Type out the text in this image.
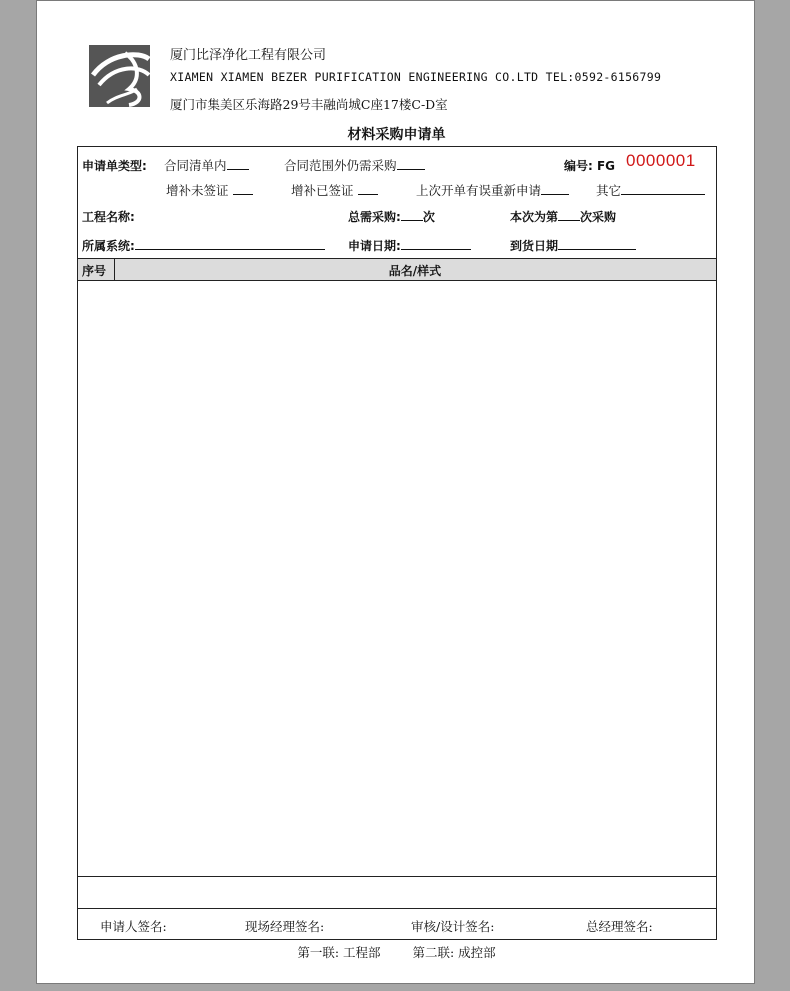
厦门比泽净化工程有限公司
XIAMEN XIAMEN BEZER PURIFICATION ENGINEERING CO.LTD TEL:0592-6156799
厦门市集美区乐海路29号丰融尚城C座17楼C-D室
材料采购申请单
申请单类型: 合同清单内	合同范围外仍需采购	编号: FG 0000001
增补未签证	增补已签证	上次开单有误重新申请	其它
工程名称:	总需采购: 次	本次为第 次采购
所属系统:	申请日期:	到货日期
序号	品名/样式
申请人签名:	现场经理签名:	审核/设计签名:	总经理签名:
第一联: 工程部	第二联: 成控部
